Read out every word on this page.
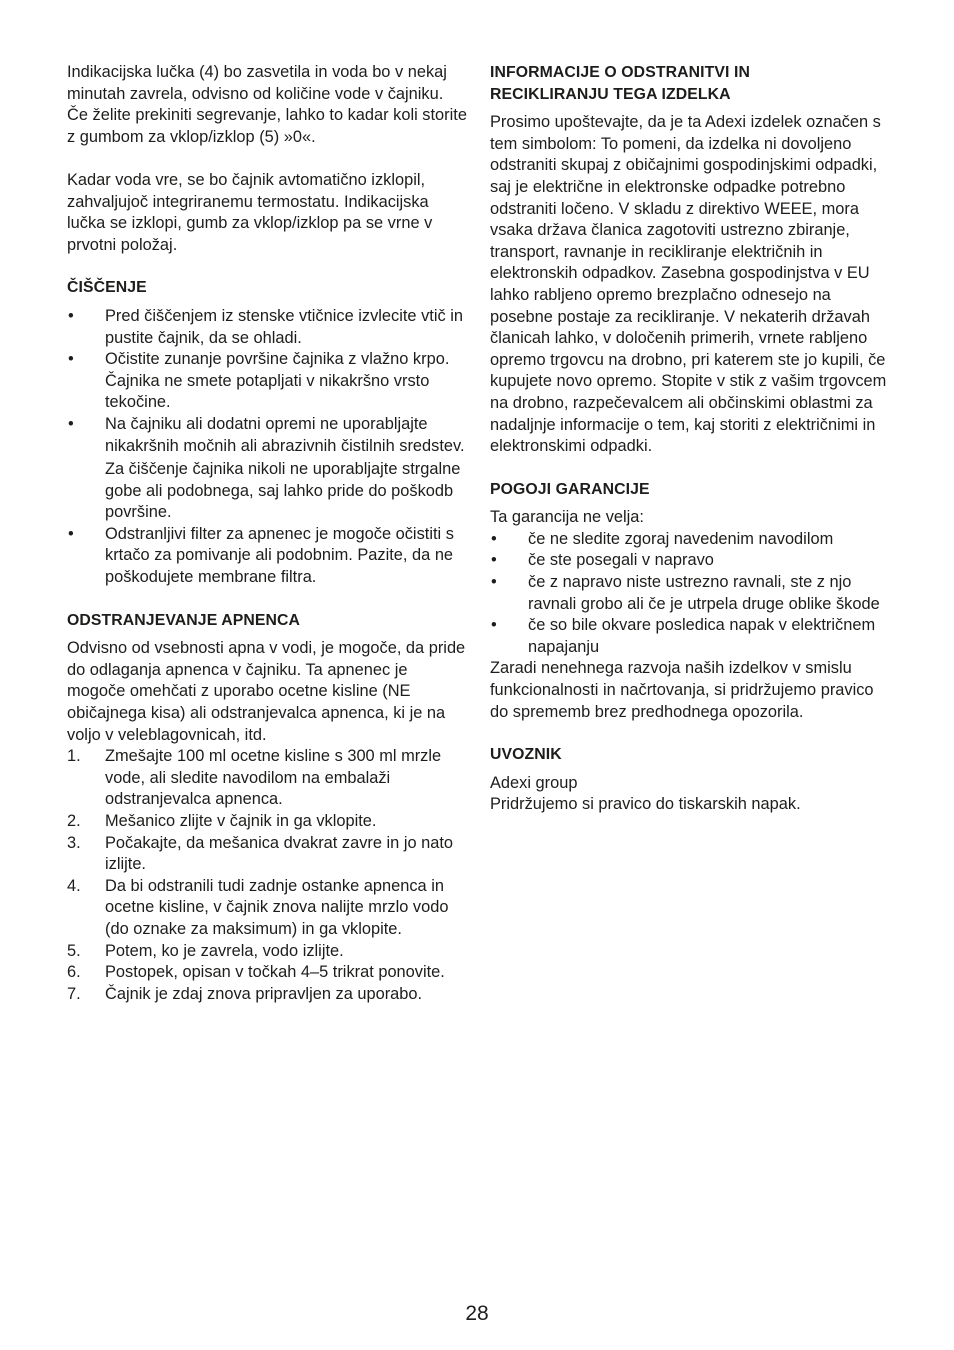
Indikacijska lučka (4) bo zasvetila in voda bo v nekaj minutah zavrela, odvisno od količine vode v čajniku. Če želite prekiniti segrevanje, lahko to kadar koli storite z gumbom za vklop/izklop (5) »0«.

Kadar voda vre, se bo čajnik avtomatično izklopil, zahvaljujoč integriranemu termostatu. Indikacijska lučka se izklopi, gumb za vklop/izklop pa se vrne v prvotni položaj.

ČIŠČENJE
• Pred čiščenjem iz stenske vtičnice izvlecite vtič in pustite čajnik, da se ohladi.
• Očistite zunanje površine čajnika z vlažno krpo. Čajnika ne smete potapljati v nikakršno vrsto tekočine.
• Na čajniku ali dodatni opremi ne uporabljajte nikakršnih močnih ali abrazivnih čistilnih sredstev.

Za čiščenje čajnika nikoli ne uporabljajte strgalne gobe ali podobnega, saj lahko pride do poškodb površine.

• Odstranljivi filter za apnenec je mogoče očistiti s krtačo za pomivanje ali podobnim. Pazite, da ne poškodujete membrane filtra.
ODSTRANJEVANJE APNENCA

Odvisno od vsebnosti apna v vodi, je mogoče, da pride do odlaganja apnenca v čajniku. Ta apnenec je mogoče omehčati z uporabo ocetne kisline (NE običajnega kisa) ali odstranjevalca apnenca, ki je na voljo v veleblagovnicah, itd.

1. Zmešajte 100 ml ocetne kisline s 300 ml mrzle vode, ali sledite navodilom na embalaži odstranjevalca apnenca.
2. Mešanico zlijte v čajnik in ga vklopite.
3. Počakajte, da mešanica dvakrat zavre in jo nato izlijte.
4. Da bi odstranili tudi zadnje ostanke apnenca in ocetne kisline, v čajnik znova nalijte mrzlo vodo (do oznake za maksimum) in ga vklopite.
5. Potem, ko je zavrela, vodo izlijte.
6. Postopek, opisan v točkah 4–5 trikrat ponovite.
7. Čajnik je zdaj znova pripravljen za uporabo.
INFORMACIJE O ODSTRANITVI IN
RECIKLIRANJU TEGA IZDELKA

Prosimo upoštevajte, da je ta Adexi izdelek označen s tem simbolom: To pomeni, da izdelka ni dovoljeno odstraniti skupaj z običajnimi gospodinjskimi odpadki, saj je električne in elektronske odpadke potrebno odstraniti ločeno. V skladu z direktivo WEEE, mora vsaka država članica zagotoviti ustrezno zbiranje, transport, ravnanje in recikliranje električnih in elektronskih odpadkov. Zasebna gospodinjstva v EU lahko rabljeno opremo brezplačno odnesejo na posebne postaje za recikliranje. V nekaterih državah članicah lahko, v določenih primerih, vrnete rabljeno opremo trgovcu na drobno, pri katerem ste jo kupili, če kupujete novo opremo. Stopite v stik z vašim trgovcem na drobno, razpečevalcem ali občinskimi oblastmi za nadaljnje informacije o tem, kaj storiti z električnimi in elektronskimi odpadki.

POGOJI GARANCIJE

Ta garancija ne velja:

• če ne sledite zgoraj navedenim navodilom
• če ste posegali v napravo
• če z napravo niste ustrezno ravnali, ste z njo ravnali grobo ali če je utrpela druge oblike škode
• če so bile okvare posledica napak v električnem napajanju

Zaradi nenehnega razvoja naših izdelkov v smislu funkcionalnosti in načrtovanja, si pridržujemo pravico do sprememb brez predhodnega opozorila.

UVOZNIK

Adexi group

Pridržujemo si pravico do tiskarskih napak.

28
